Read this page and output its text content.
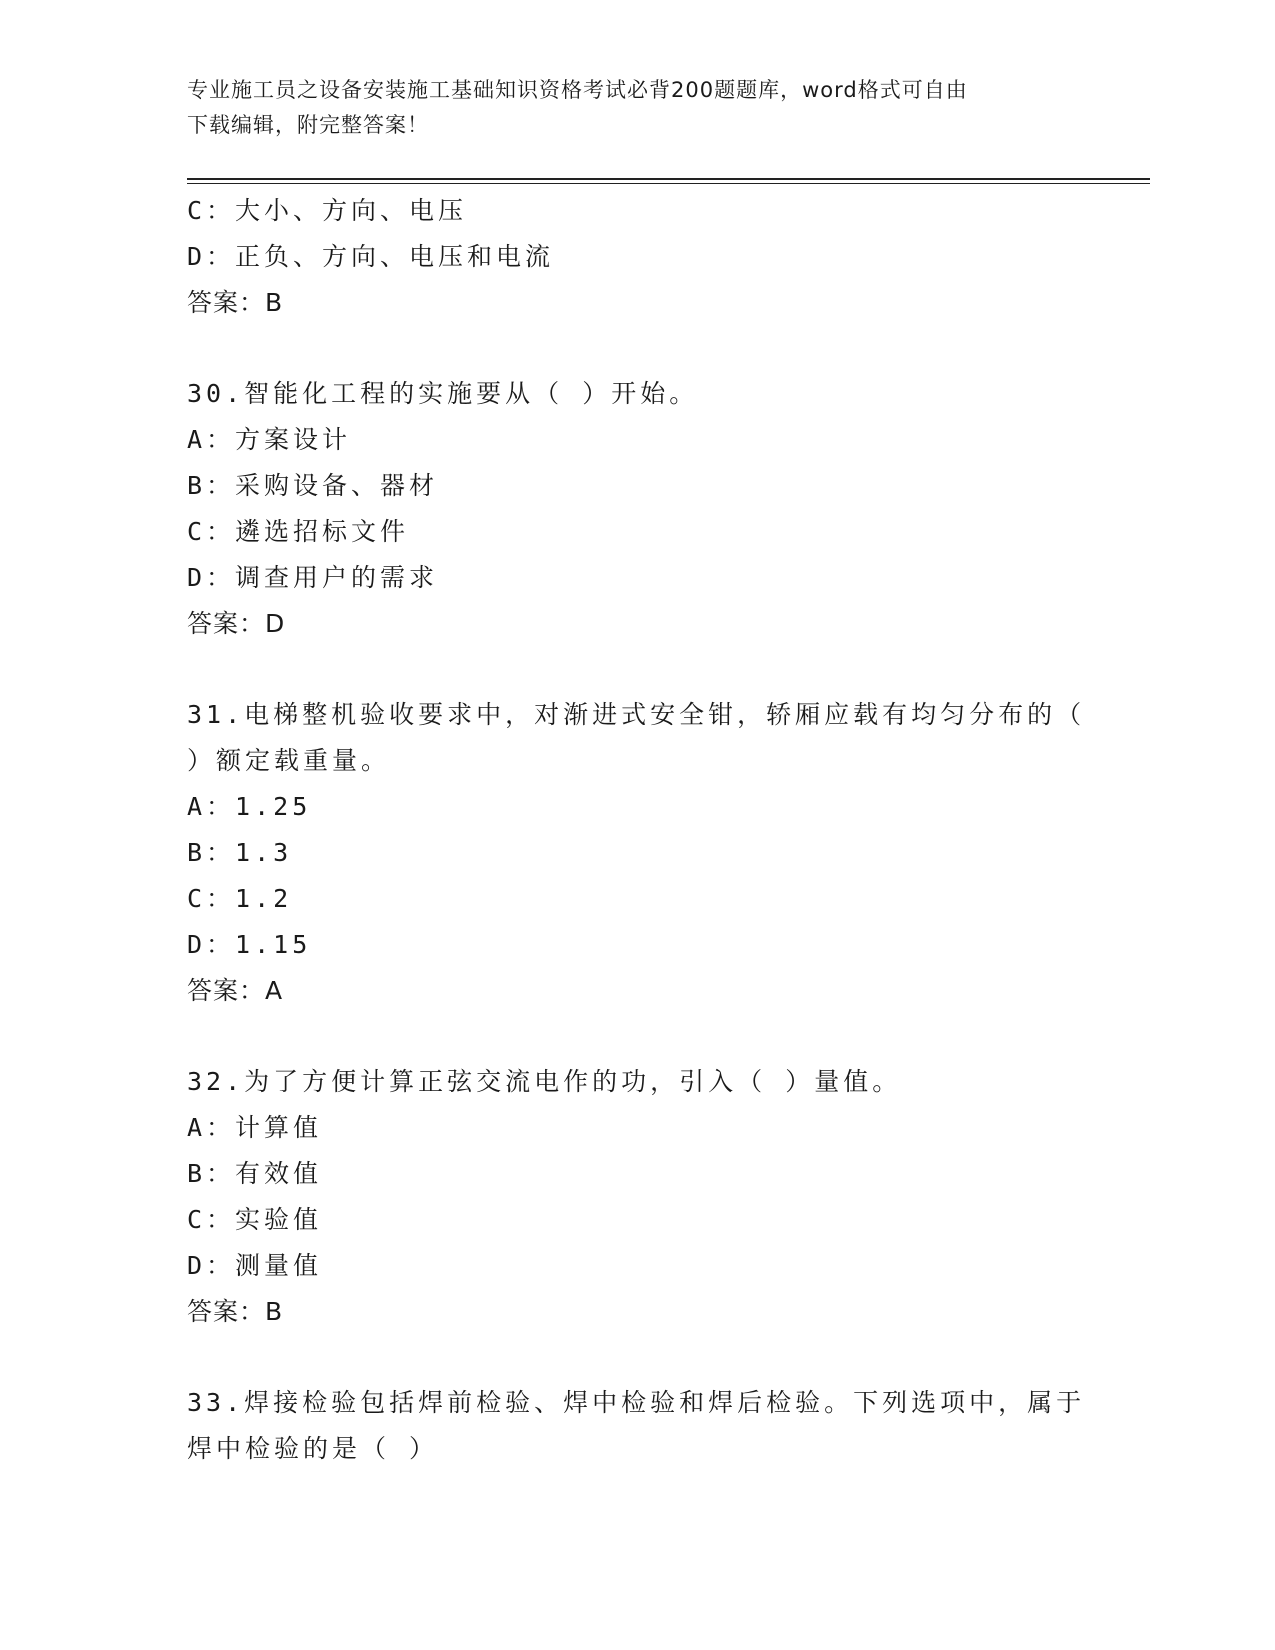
专业施工员之设备安装施工基础知识资格考试必背200题题库，word格式可自由
下载编辑，附完整答案！
C：大小、方向、电压
D：正负、方向、电压和电流
答案：B
30.智能化工程的实施要从（ ）开始。
A：方案设计
B：采购设备、器材
C：遴选招标文件
D：调查用户的需求
答案：D
31.电梯整机验收要求中，对渐进式安全钳，轿厢应载有均匀分布的（
）额定载重量。
A：1.25
B：1.3
C：1.2
D：1.15
答案：A
32.为了方便计算正弦交流电作的功，引入（ ）量值。
A：计算值
B：有效值
C：实验值
D：测量值
答案：B
33.焊接检验包括焊前检验、焊中检验和焊后检验。下列选项中，属于
焊中检验的是（ ）
